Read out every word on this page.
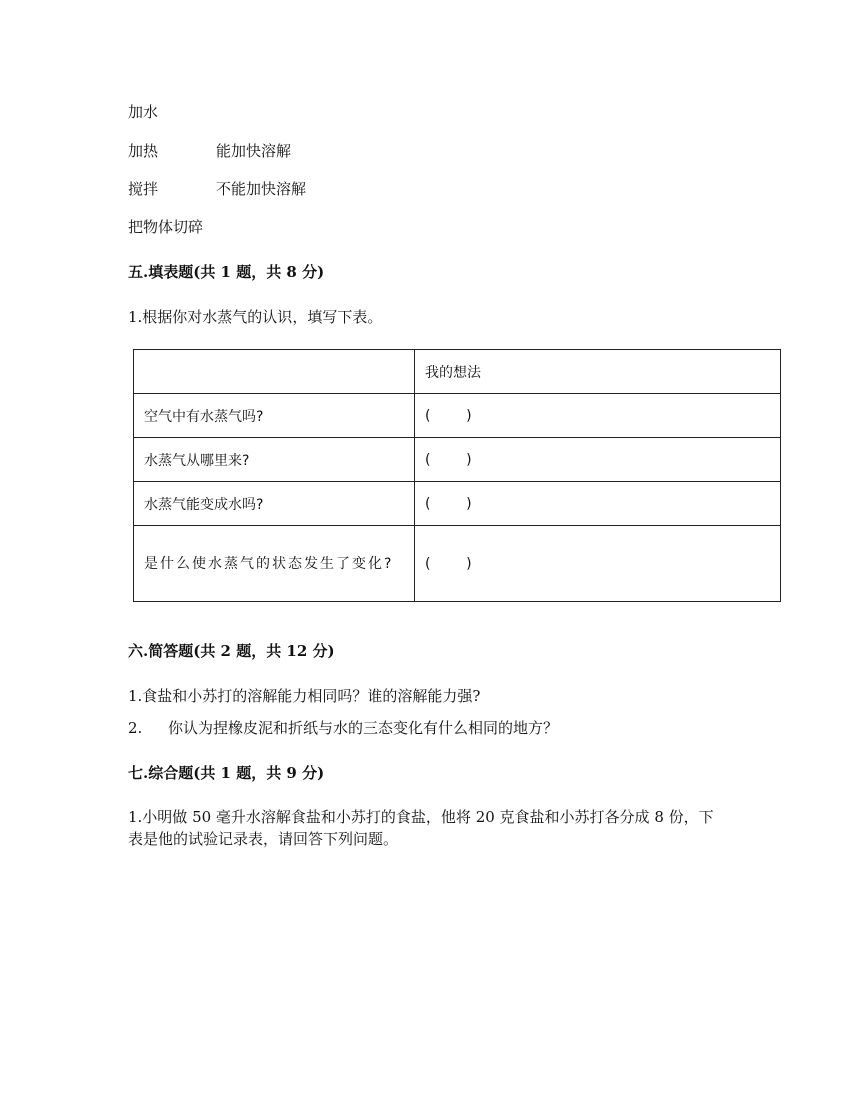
加水
加热	能加快溶解
搅拌	不能加快溶解
把物体切碎
五.填表题(共 1 题，共 8 分)
1.根据你对水蒸气的认识，填写下表。
	我的想法
空气中有水蒸气吗?	(        )
水蒸气从哪里来?	(        )
水蒸气能变成水吗?	(        )
是什么使水蒸气的状态发生了变化?	(        )
六.简答题(共 2 题，共 12 分)
1.食盐和小苏打的溶解能力相同吗？谁的溶解能力强?
2. 你认为捏橡皮泥和折纸与水的三态变化有什么相同的地方？
七.综合题(共 1 题，共 9 分)
1.小明做 50 毫升水溶解食盐和小苏打的食盐，他将 20 克食盐和小苏打各分成 8 份，下表是他的试验记录表，请回答下列问题。
